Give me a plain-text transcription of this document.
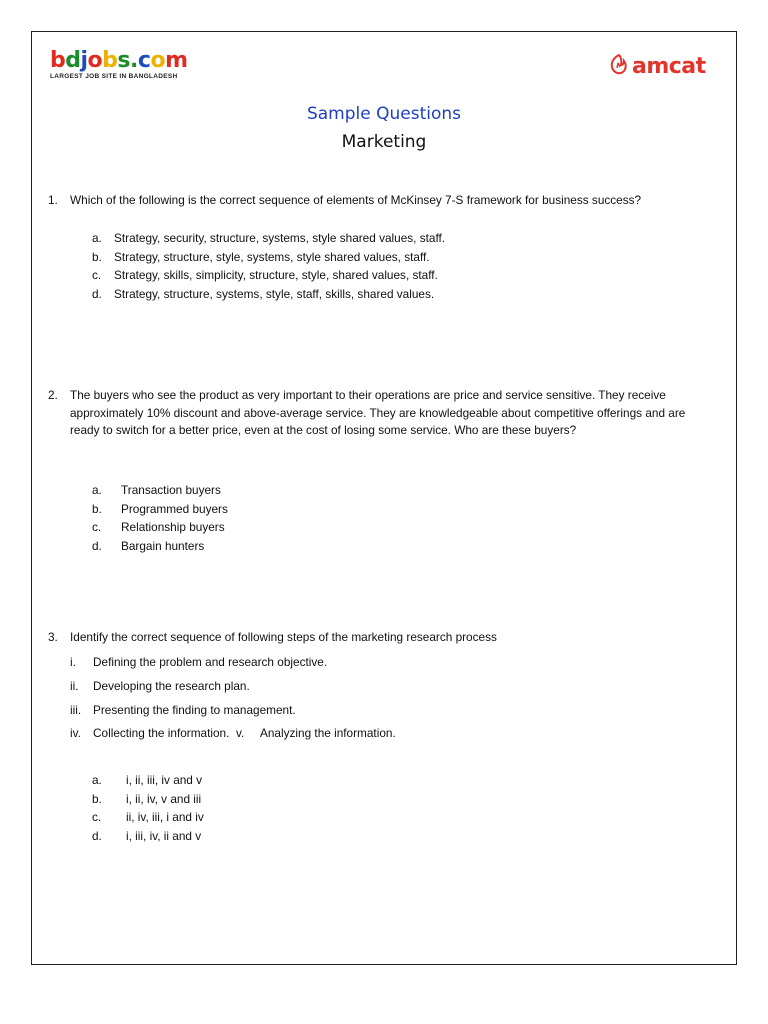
bdjobs.com
LARGEST JOB SITE IN BANGLADESH	amcat
Sample Questions
Marketing
1. Which of the following is the correct sequence of elements of McKinsey 7-S framework for business success?
a. Strategy, security, structure, systems, style shared values, staff.
b. Strategy, structure, style, systems, style shared values, staff.
c. Strategy, skills, simplicity, structure, style, shared values, staff.
d. Strategy, structure, systems, style, staff, skills, shared values.
2. The buyers who see the product as very important to their operations are price and service sensitive. They receive approximately 10% discount and above-average service. They are knowledgeable about competitive offerings and are ready to switch for a better price, even at the cost of losing some service. Who are these buyers?
a. Transaction buyers
b. Programmed buyers
c. Relationship buyers
d. Bargain hunters
3. Identify the correct sequence of following steps of the marketing research process
i. Defining the problem and research objective.
ii. Developing the research plan.
iii. Presenting the finding to management.
iv. Collecting the information.  v.     Analyzing the information.
a. i, ii, iii, iv and v
b. i, ii, iv, v and iii
c. ii, iv, iii, i and iv
d. i, iii, iv, ii and v
